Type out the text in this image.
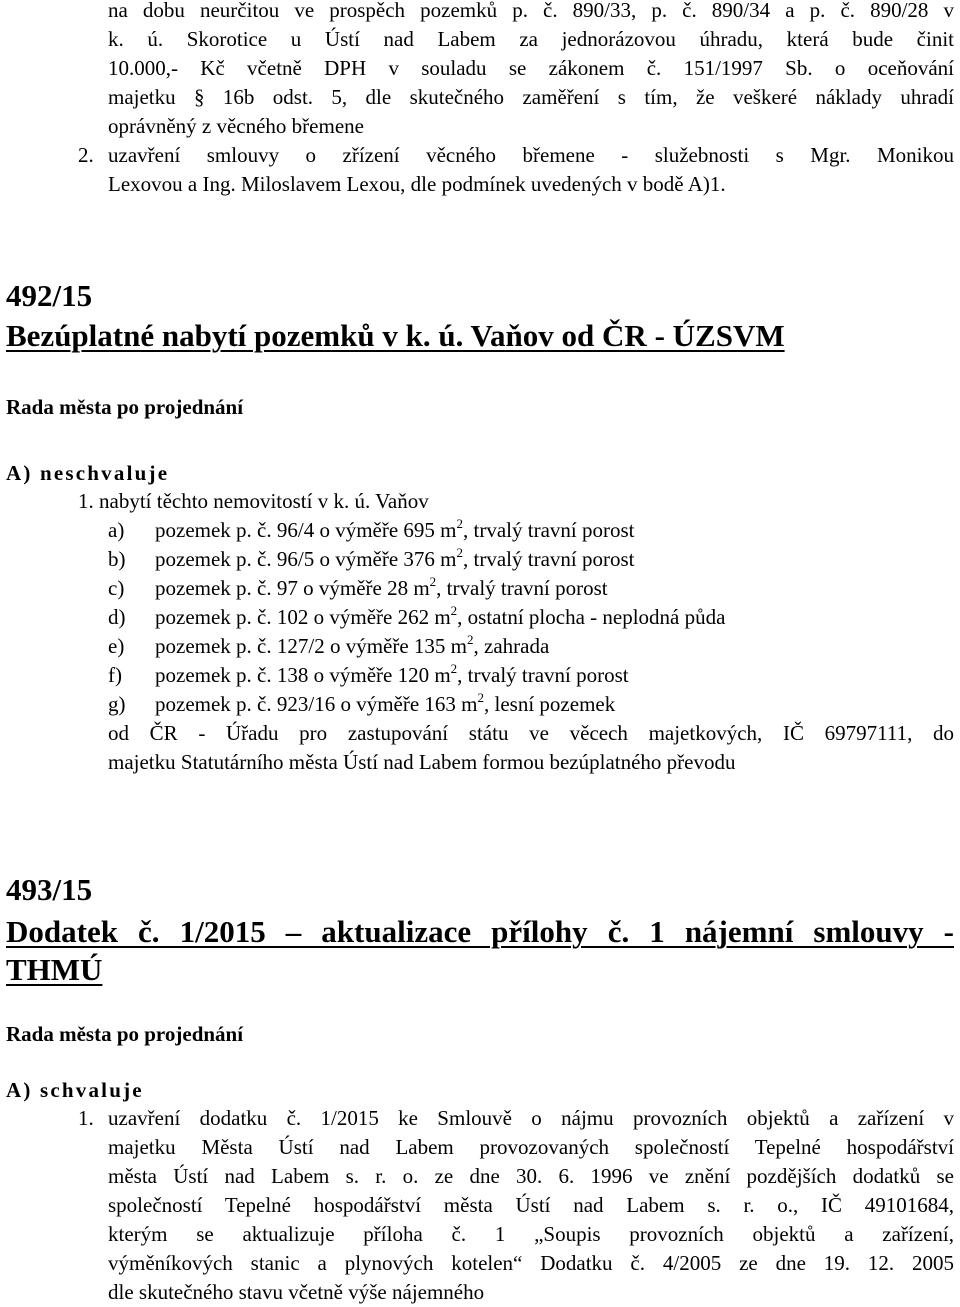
na dobu neurčitou ve prospěch pozemků p. č. 890/33, p. č. 890/34 a p. č. 890/28 v

k. ú. Skorotice u Ústí nad Labem za jednorázovou úhradu, která bude činit

10.000,- Kč včetně DPH v souladu se zákonem č. 151/1997 Sb. o oceňování

majetku § 16b odst. 5, dle skutečného zaměření s tím, že veškeré náklady uhradí

oprávněný z věcného břemene

2. uzavření smlouvy o zřízení věcného břemene - služebnosti s Mgr. Monikou

Lexovou a Ing. Miloslavem Lexou, dle podmínek uvedených v bodě A)1.

492/15
Bezúplatné nabytí pozemků v k. ú. Vaňov od ČR - ÚZSVM
Rada města po projednání
A) neschvaluje

1. nabytí těchto nemovitostí v k. ú. Vaňov

a) pozemek p. č. 96/4 o výměře 695 $m^2$, trvalý travní porost

b) pozemek p. č. 96/5 o výměře 376 $m^2$, trvalý travní porost

c) pozemek p. č. 97 o výměře 28 $m^2$, trvalý travní porost

d) pozemek p. č. 102 o výměře 262 $m^2$, ostatní plocha - neplodná půda

e) pozemek p. č. 127/2 o výměře 135 $m^2$, zahrada

f) pozemek p. č. 138 o výměře 120 $m^2$, trvalý travní porost

g) pozemek p. č. 923/16 o výměře 163 $m^2$, lesní pozemek

od ČR - Úřadu pro zastupování státu ve věcech majetkových, IČ 69797111, do

majetku Statutárního města Ústí nad Labem formou bezúplatného převodu

493/15
Dodatek č. 1/2015 – aktualizace přílohy č. 1 nájemní smlouvy -
THMÚ
Rada města po projednání
A) schvaluje

1. uzavření dodatku č. 1/2015 ke Smlouvě o nájmu provozních objektů a zařízení v

majetku Města Ústí nad Labem provozovaných společností Tepelné hospodářství

města Ústí nad Labem s. r. o. ze dne 30. 6. 1996 ve znění pozdějších dodatků se

společností Tepelné hospodářství města Ústí nad Labem s. r. o., IČ 49101684,

kterým se aktualizuje příloha č. 1 „Soupis provozních objektů a zařízení,

výměníkových stanic a plynových kotelen“ Dodatku č. 4/2005 ze dne 19. 12. 2005

dle skutečného stavu včetně výše nájemného
